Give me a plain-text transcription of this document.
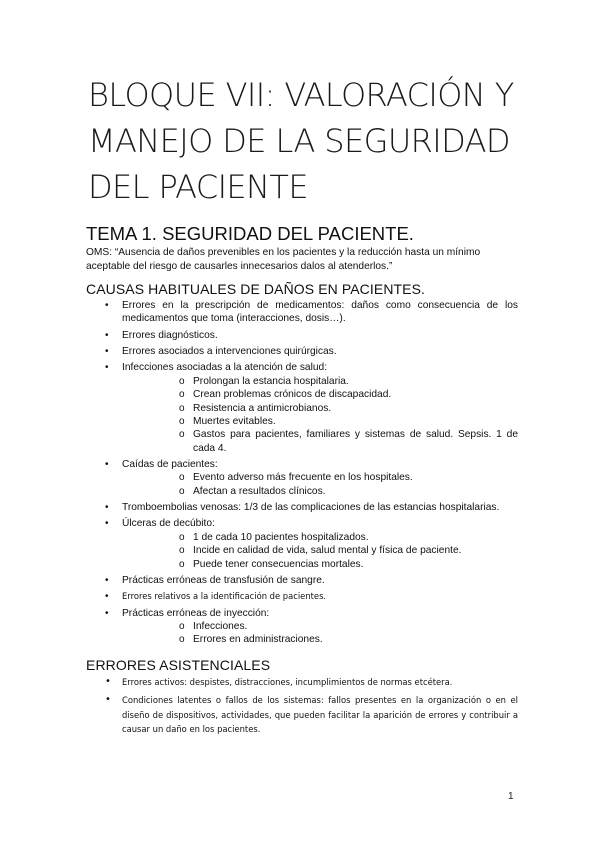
BLOQUE VII: VALORACIÓN Y
MANEJO DE LA SEGURIDAD
DEL PACIENTE
TEMA 1. SEGURIDAD DEL PACIENTE.

OMS: “Ausencia de daños prevenibles en los pacientes y la reducción hasta un mínimo aceptable del riesgo de causarles innecesarios dalos al atenderlos.”

CAUSAS HABITUALES DE DAÑOS EN PACIENTES.
• Errores en la prescripción de medicamentos: daños como consecuencia de los medicamentos que toma (interacciones, dosis…).
• Errores diagnósticos.
• Errores asociados a intervenciones quirúrgicas.
• Infecciones asociadas a la atención de salud:
o Prolongan la estancia hospitalaria.
o Crean problemas crónicos de discapacidad.
o Resistencia a antimicrobianos.
o Muertes evitables.
o Gastos para pacientes, familiares y sistemas de salud. Sepsis. 1 de cada 4.
• Caídas de pacientes:
o Evento adverso más frecuente en los hospitales.
o Afectan a resultados clínicos.
• Tromboembolias venosas: 1/3 de las complicaciones de las estancias hospitalarias.
• Úlceras de decúbito:
o 1 de cada 10 pacientes hospitalizados.
o Incide en calidad de vida, salud mental y física de paciente.
o Puede tener consecuencias mortales.
• Prácticas erróneas de transfusión de sangre.
• Errores relativos a la identificación de pacientes.
• Prácticas erróneas de inyección:
o Infecciones.
o Errores en administraciones.
ERRORES ASISTENCIALES
• Errores activos: despistes, distracciones, incumplimientos de normas etcétera.
• Condiciones latentes o fallos de los sistemas: fallos presentes en la organización o en el diseño de dispositivos, actividades, que pueden facilitar la aparición de errores y contribuir a causar un daño en los pacientes.
1
